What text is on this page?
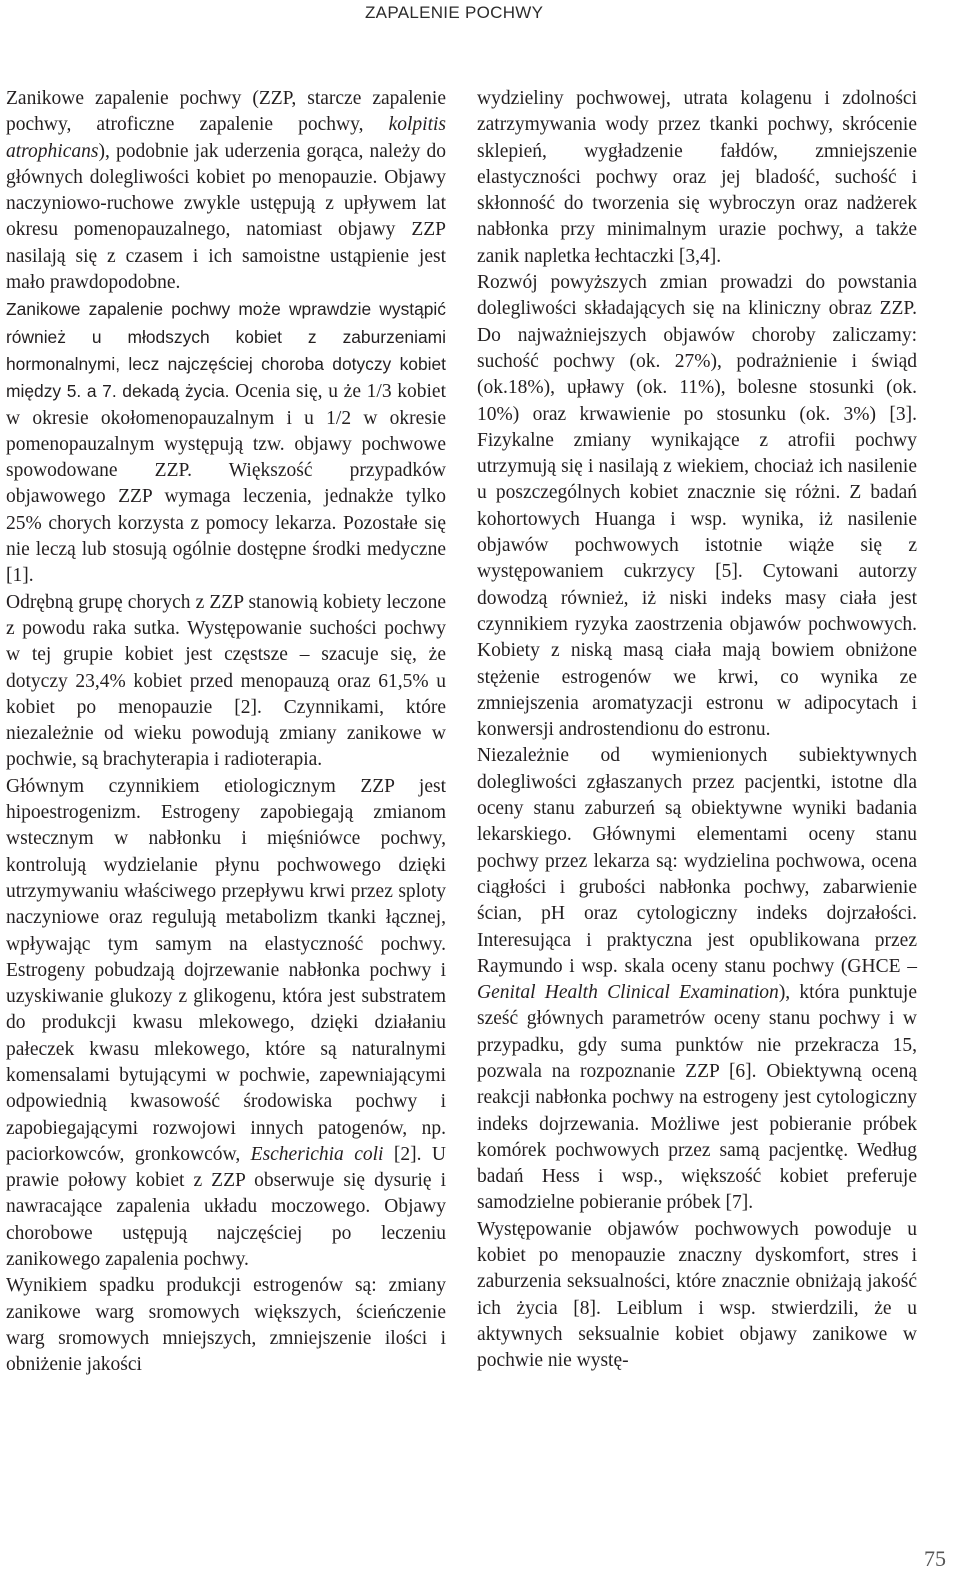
ZAPALENIE POCHWY

Zanikowe zapalenie pochwy (ZZP, starcze zapalenie pochwy, atroficzne zapalenie pochwy, kolpitis atrophicans), podobnie jak uderzenia gorąca, należy do głównych dolegliwości kobiet po menopauzie. Objawy naczyniowo-ruchowe zwykle ustępują z upływem lat okresu pomenopauzalnego, natomiast objawy ZZP nasilają się z czasem i ich samoistne ustąpienie jest mało prawdopodobne.

Zanikowe zapalenie pochwy może wprawdzie wystąpić również u młodszych kobiet z zaburzeniami hormonalnymi, lecz najczęściej choroba dotyczy kobiet między 5. a 7. dekadą życia. Ocenia się, u że 1/3 kobiet w okresie okołomenopauzalnym i u 1/2 w okresie pomenopauzalnym występują tzw. objawy pochwowe spowodowane ZZP. Większość przypadków objawowego ZZP wymaga leczenia, jednakże tylko 25% chorych korzysta z pomocy lekarza. Pozostałe się nie leczą lub stosują ogólnie dostępne środki medyczne [1].

Odrębną grupę chorych z ZZP stanowią kobiety leczone z powodu raka sutka. Występowanie suchości pochwy w tej grupie kobiet jest częstsze – szacuje się, że dotyczy 23,4% kobiet przed menopauzą oraz 61,5% u kobiet po menopauzie [2]. Czynnikami, które niezależnie od wieku powodują zmiany zanikowe w pochwie, są brachyterapia i radioterapia.

Głównym czynnikiem etiologicznym ZZP jest hipoestrogenizm. Estrogeny zapobiegają zmianom wstecznym w nabłonku i mięśniówce pochwy, kontrolują wydzielanie płynu pochwowego dzięki utrzymywaniu właściwego przepływu krwi przez sploty naczyniowe oraz regulują metabolizm tkanki łącznej, wpływając tym samym na elastyczność pochwy. Estrogeny pobudzają dojrzewanie nabłonka pochwy i uzyskiwanie glukozy z glikogenu, która jest substratem do produkcji kwasu mlekowego, dzięki działaniu pałeczek kwasu mlekowego, które są naturalnymi komensalami bytującymi w pochwie, zapewniającymi odpowiednią kwasowość środowiska pochwy i zapobiegającymi rozwojowi innych patogenów, np. paciorkowców, gronkowców, Escherichia coli [2]. U prawie połowy kobiet z ZZP obserwuje się dysurię i nawracające zapalenia układu moczowego. Objawy chorobowe ustępują najczęściej po leczeniu zanikowego zapalenia pochwy.

Wynikiem spadku produkcji estrogenów są: zmiany zanikowe warg sromowych większych, ścieńczenie warg sromowych mniejszych, zmniejszenie ilości i obniżenie jakości

wydzieliny pochwowej, utrata kolagenu i zdolności zatrzymywania wody przez tkanki pochwy, skrócenie sklepień, wygładzenie fałdów, zmniejszenie elastyczności pochwy oraz jej bladość, suchość i skłonność do tworzenia się wybroczyn oraz nadżerek nabłonka przy minimalnym urazie pochwy, a także zanik napletka łechtaczki [3,4].

Rozwój powyższych zmian prowadzi do powstania dolegliwości składających się na kliniczny obraz ZZP. Do najważniejszych objawów choroby zaliczamy: suchość pochwy (ok. 27%), podrażnienie i świąd (ok.18%), upławy (ok. 11%), bolesne stosunki (ok. 10%) oraz krwawienie po stosunku (ok. 3%) [3]. Fizykalne zmiany wynikające z atrofii pochwy utrzymują się i nasilają z wiekiem, chociaż ich nasilenie u poszczególnych kobiet znacznie się różni. Z badań kohortowych Huanga i wsp. wynika, iż nasilenie objawów pochwowych istotnie wiąże się z występowaniem cukrzycy [5]. Cytowani autorzy dowodzą również, iż niski indeks masy ciała jest czynnikiem ryzyka zaostrzenia objawów pochwowych. Kobiety z niską masą ciała mają bowiem obniżone stężenie estrogenów we krwi, co wynika ze zmniejszenia aromatyzacji estronu w adipocytach i konwersji androstendionu do estronu.

Niezależnie od wymienionych subiektywnych dolegliwości zgłaszanych przez pacjentki, istotne dla oceny stanu zaburzeń są obiektywne wyniki badania lekarskiego. Głównymi elementami oceny stanu pochwy przez lekarza są: wydzielina pochwowa, ocena ciągłości i grubości nabłonka pochwy, zabarwienie ścian, pH oraz cytologiczny indeks dojrzałości. Interesująca i praktyczna jest opublikowana przez Raymundo i wsp. skala oceny stanu pochwy (GHCE – Genital Health Clinical Examination), która punktuje sześć głównych parametrów oceny stanu pochwy i w przypadku, gdy suma punktów nie przekracza 15, pozwala na rozpoznanie ZZP [6]. Obiektywną oceną reakcji nabłonka pochwy na estrogeny jest cytologiczny indeks dojrzewania. Możliwe jest pobieranie próbek komórek pochwowych przez samą pacjentkę. Według badań Hess i wsp., większość kobiet preferuje samodzielne pobieranie próbek [7].

Występowanie objawów pochwowych powoduje u kobiet po menopauzie znaczny dyskomfort, stres i zaburzenia seksualności, które znacznie obniżają jakość ich życia [8]. Leiblum i wsp. stwierdzili, że u aktywnych seksualnie kobiet objawy zanikowe w pochwie nie wystę-

75
